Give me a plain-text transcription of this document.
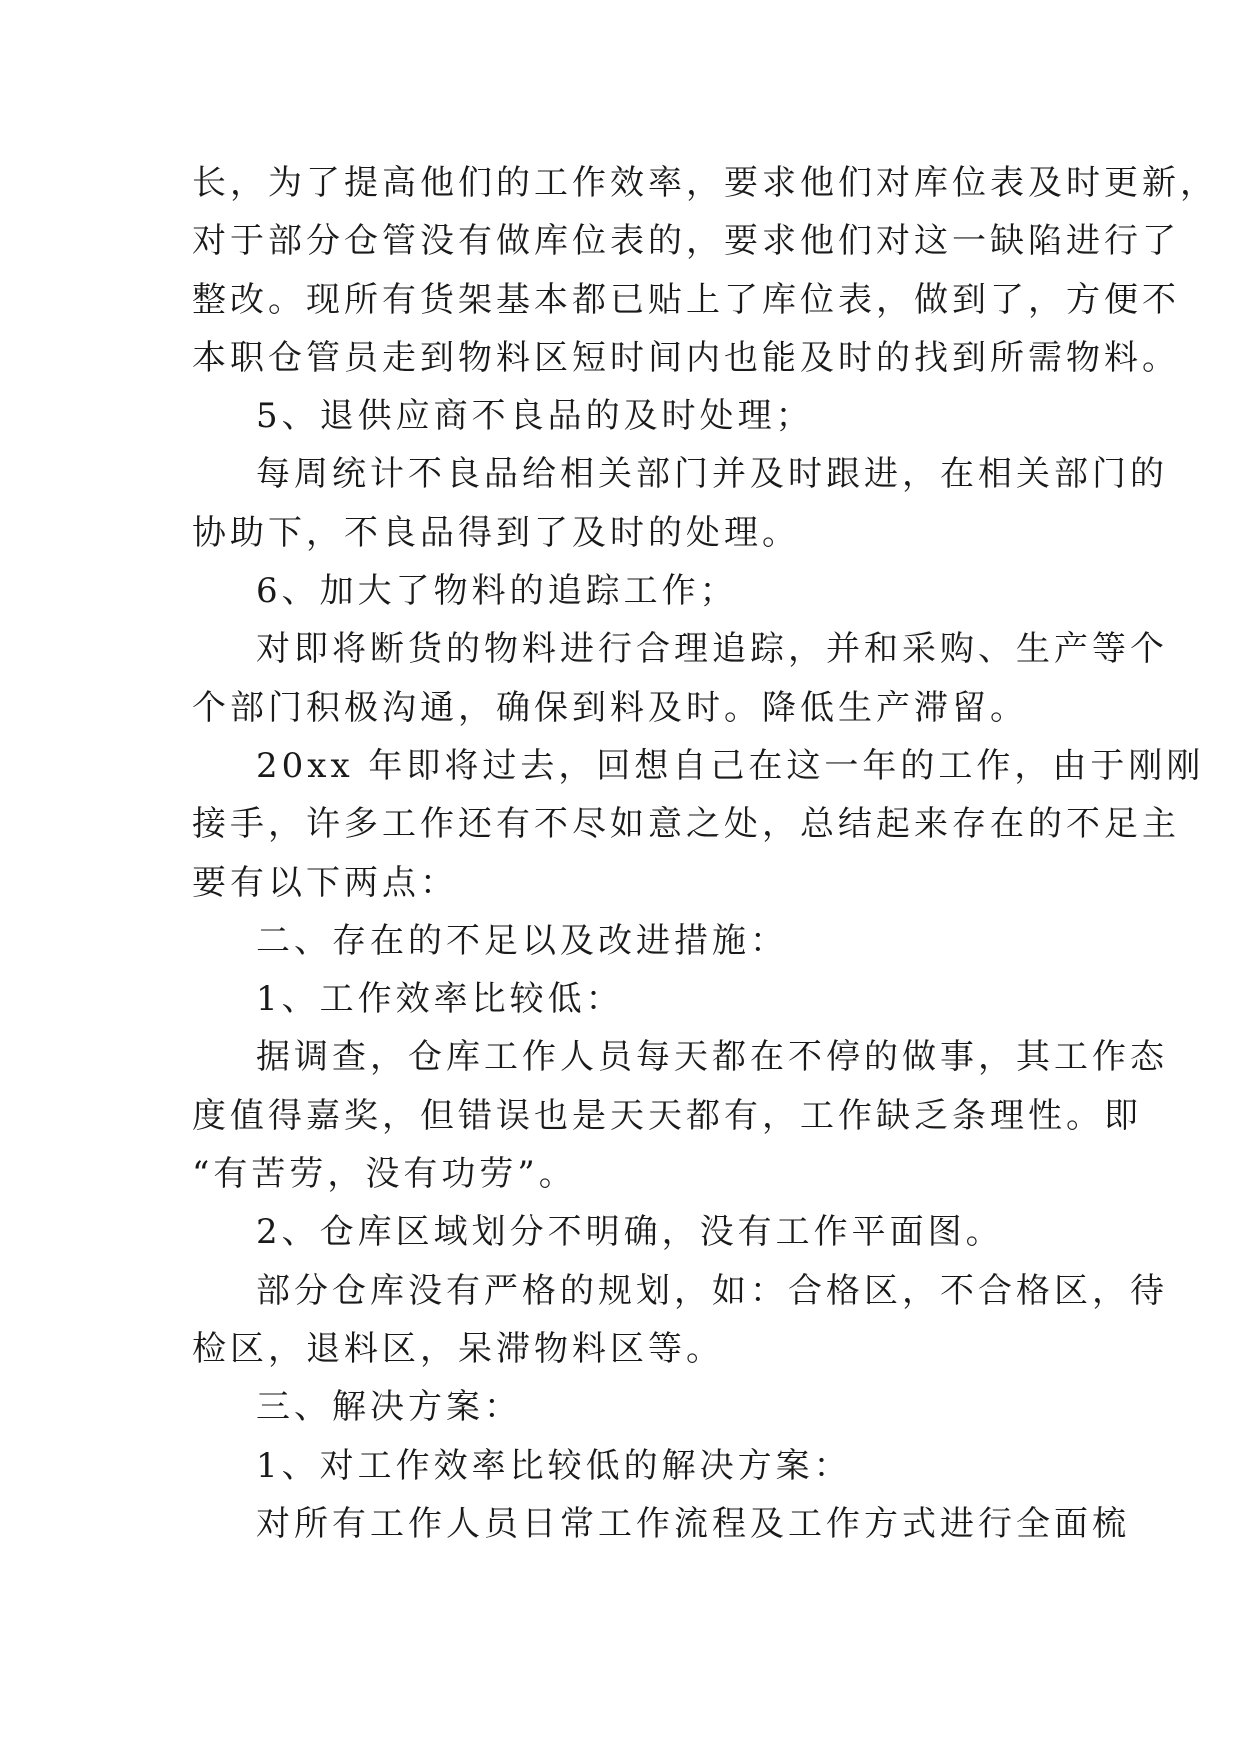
长，为了提高他们的工作效率，要求他们对库位表及时更新，
对于部分仓管没有做库位表的，要求他们对这一缺陷进行了
整改。现所有货架基本都已贴上了库位表，做到了，方便不
本职仓管员走到物料区短时间内也能及时的找到所需物料。
5、退供应商不良品的及时处理；
每周统计不良品给相关部门并及时跟进，在相关部门的
协助下，不良品得到了及时的处理。
6、加大了物料的追踪工作；
对即将断货的物料进行合理追踪，并和采购、生产等个
个部门积极沟通，确保到料及时。降低生产滞留。
20xx 年即将过去，回想自己在这一年的工作，由于刚刚
接手，许多工作还有不尽如意之处，总结起来存在的不足主
要有以下两点：
二、存在的不足以及改进措施：
1、工作效率比较低：
据调查，仓库工作人员每天都在不停的做事，其工作态
度值得嘉奖，但错误也是天天都有，工作缺乏条理性。即
“有苦劳，没有功劳”。
2、仓库区域划分不明确，没有工作平面图。
部分仓库没有严格的规划，如：合格区，不合格区，待
检区，退料区，呆滞物料区等。
三、解决方案：
1、对工作效率比较低的解决方案：
对所有工作人员日常工作流程及工作方式进行全面梳
